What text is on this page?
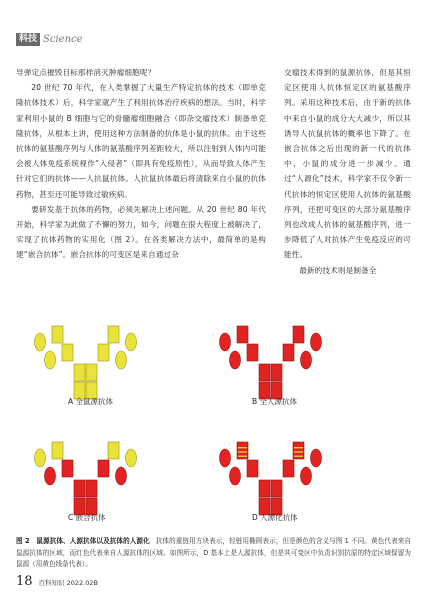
科技 Science

导弹定点摧毁目标那样消灭肿瘤细胞呢？

20 世纪 70 年代，在人类掌握了大量生产特定抗体的技术（即单克隆抗体技术）后，科学家就产生了利用抗体治疗疾病的想法。当时，科学家利用小鼠的 B 细胞与它的骨髓瘤细胞融合（即杂交瘤技术）制备单克隆抗体，从根本上讲，使用这种方法制备的抗体是小鼠的抗体。由于这些抗体的氨基酸序列与人体的氨基酸序列差距较大，所以注射到人体内可能会被人体免疫系统视作“入侵者”（即具有免疫原性），从而导致人体产生针对它们的抗体——人抗鼠抗体。人抗鼠抗体最后将清除来自小鼠的抗体药物，甚至还可能导致过敏疾病。

要研发基于抗体的药物，必须先解决上述问题。从 20 世纪 80 年代开始，科学家为此做了不懈的努力，如今，问题在很大程度上被解决了，实现了抗体药物的实用化（图 2）。在各类解决方法中，最简单的是构建“嵌合抗体”。嵌合抗体的可变区是来自通过杂

交瘤技术得到的鼠源抗体，但是其恒定区使用人抗体恒定区的氨基酸序列。采用这种技术后，由于新的抗体中来自小鼠的成分大大减少，所以其诱导人抗鼠抗体的概率也下降了。在嵌合抗体之后出现的新一代的抗体中，小鼠的成分进一步减少。通过“人源化”技术，科学家不仅令新一代抗体的恒定区使用人抗体的氨基酸序列，还把可变区的大部分氨基酸序列也改成人抗体的氨基酸序列，进一步降低了人对抗体产生免疫反应的可能性。

最新的技术则是制备全

A 全鼠源抗体	B 全人源抗体
C 嵌合抗体	D 人源化抗体
图 2　鼠源抗体、人源抗体以及抗体的人源化 抗体的重链用方块表示，轻链用椭圆表示，但是颜色的含义与图 1 不同。黄色代表来自鼠源抗体的区域，而红色代表来自人源抗体的区域。如图所示，D 基本上是人源抗体，但是其可变区中负责识别抗原的特定区域保留为鼠源（用黄色线条代表）。
18 百科知识 2022.02B
